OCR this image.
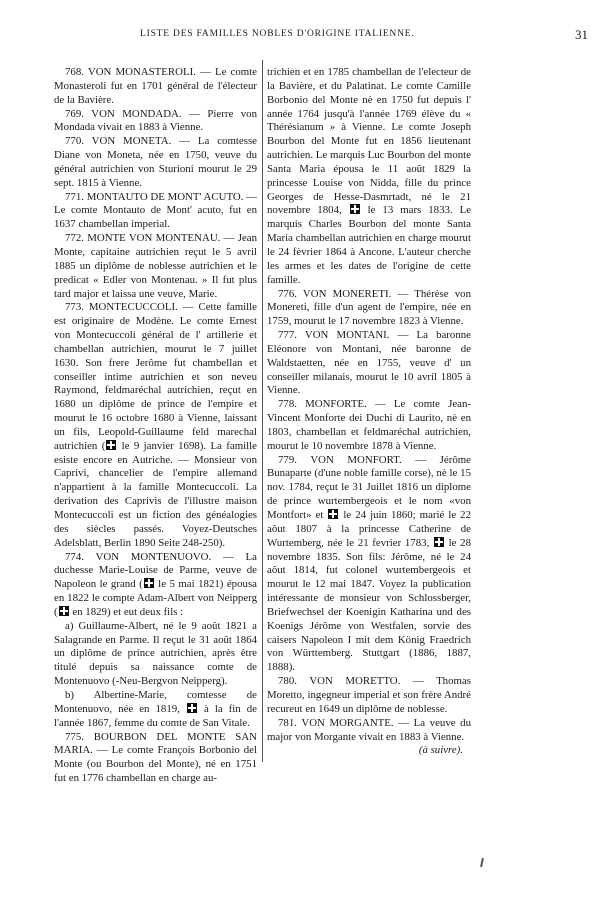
LISTE DES FAMILLES NOBLES D'ORIGINE ITALIENNE.	31

768. VON MONASTEROLI. — Le comte Monasteroli fut en 1701 général de l'électeur de la Bavière.

769. VON MONDADA. — Pierre von Mondada vivait en 1883 à Vienne.

770. VON MONETA. — La comtesse Diane von Moneta, née en 1750, veuve du général autrichien von Sturioni mourut le 29 sept. 1815 à Vienne.

771. MONTAUTO DE MONT' ACUTO. — Le comte Montauto de Mont' acuto, fut en 1637 chambellan imperial.

772. MONTE VON MONTENAU. — Jean Monte, capitaine autrichien reçut le 5 avril 1885 un diplôme de noblesse autrichien et le predicat « Edler von Montenau. » Il fut plus tard major et laissa une veuve, Marie.

773. MONTECUCCOLI. — Cette famille est originaire de Modène. Le comte Ernest von Montecuccoli général de l' artillerie et chambellan autrichien, mourut le 7 juillet 1630. Son frere Jerôme fut chambellan et conseiller intime autrichien et son neveu Raymond, feldmaréchal autrichien, reçut en 1680 un diplôme de prince de l'empire et mourut le 16 octobre 1680 à Vienne, laissant un fils, Leopold-Guillaume feld marechal autrichien ( le 9 janvier 1698). La famille esiste encore en Autriche. — Monsieur von Caprivi, chancelier de l'empire allemand n'appartient à la famille Montecuccoli. La derivation des Caprivis de l'illustre maison Montecuccoli est un fiction des généalogies des siècles passés. Voyez-Deutsches Adelsblatt, Berlin 1890 Seite 248-250).

774. VON MONTENUOVO. — La duchesse Marie-Louise de Parme, veuve de Napoleon le grand ( le 5 mai 1821) épousa en 1822 le compte Adam-Albert von Neipperg ( en 1829) et eut deux fils :

a) Guillaume-Albert, né le 9 août 1821 a Salagrande en Parme. Il reçut le 31 août 1864 un diplôme de prince autrichien, après être titulé depuis sa naissance comte de Montenuovo (-Neu-Bergvon Neipperg).

b) Albertine-Marie, comtesse de Montenuovo, née en 1819,  à la fin de l'année 1867, femme du comte de San Vitale.

775. BOURBON DEL MONTE SAN MARIA. — Le comte François Borbonio del Monte (ou Bourbon del Monte), né en 1751 fut en 1776 chambellan en charge au-

trichien et en 1785 chambellan de l'electeur de la Bavière, et du Palatinat. Le comte Camille Borbonio del Monte nè en 1750 fut depuis l' année 1764 jusqu'à l'année 1769 élève du « Thérésianum » à Vienne. Le comte Joseph Bourbon del Monte fut en 1856 lieutenant autrichien. Le marquis Luc Bourbon del monte Santa Maria épousa le 11 août 1829 la princesse Louise von Nidda, fille du prince Georges de Hesse-Dasmrtadt, né le 21 novembre 1804,  le 13 mars 1833. Le marquis Charles Bourbon del monte Santa Maria chambellan autrichien en charge mourut le 24 fèvrier 1864 à Ancone. L'auteur cherche les armes et les dates de l'origine de cette famille.

776. VON MONERETI. — Thérèse von Monereti, fille d'un agent de l'empire, née en 1759, mourut le 17 novembre 1823 à Vienne.

777. VON MONTANI. — La baronne Eléonore von Montani, née baronne de Waldstaetten, née en 1755, veuve d' un conseiller milanais, mourut le 10 avril 1805 à Vienne.

778. MONFORTE. — Le comte Jean-Vincent Monforte dei Duchi di Laurito, nè en 1803, chambellan et feldmaréchal autrichien, mourut le 10 novembre 1878 à Vienne.

779. VON MONFORT. — Jérôme Bunaparte (d'une noble famille corse), nè le 15 nov. 1784, reçut le 31 Juillet 1816 un diplome de prince wurtembergeois et le nom «von Montfort» et  le 24 juin 1860; marié le 22 aôut 1807 à la princesse Catherine de Wurtemberg, née le 21 fevrier 1783,  le 28 novembre 1835. Son fils: Jérôme, né le 24 aôut 1814, fut colonel wurtembergeois et mourut le 12 mai 1847. Voyez la publication intéressante de monsieur von Schlossberger, Briefwechsel der Koenigin Katharina und des Koenigs Jérôme von Westfalen, sorvie des caisers Napoleon I mit dem König Fraedrich von Württemberg. Stuttgart (1886, 1887, 1888).

780. VON MORETTO. — Thomas Moretto, ingegneur imperial et son frère André recureut en 1649 un diplôme de noblesse.

781. VON MORGANTE. — La veuve du major von Morgante vivait en 1883 à Vienne.

(à suivre).
